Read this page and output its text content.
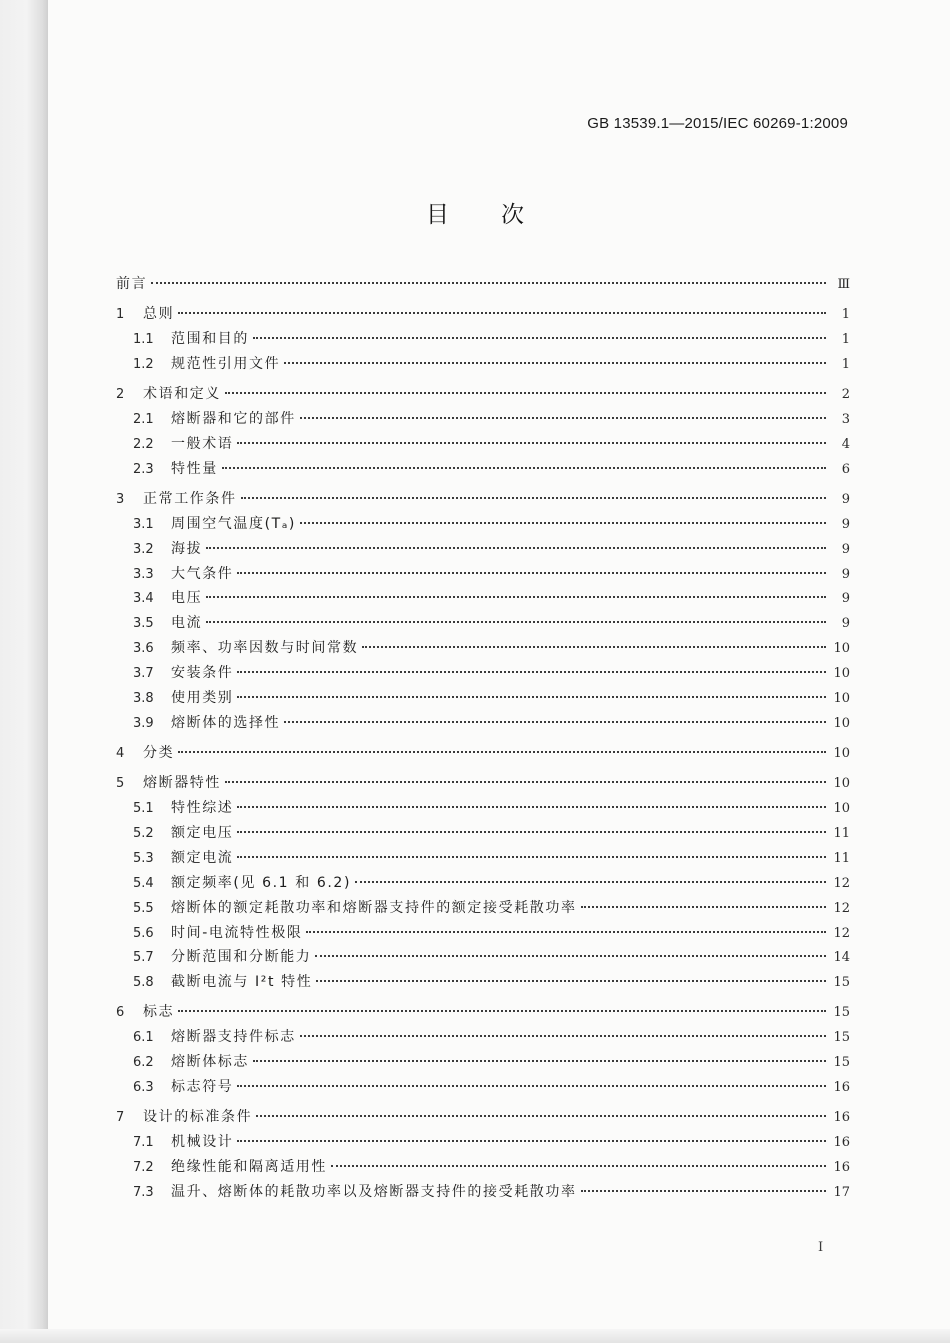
GB 13539.1—2015/IEC 60269-1:2009
目次
前言	Ⅲ
1	总则	1
1.1	范围和目的	1
1.2	规范性引用文件	1
2	术语和定义	2
2.1	熔断器和它的部件	3
2.2	一般术语	4
2.3	特性量	6
3	正常工作条件	9
3.1	周围空气温度(Tₐ)	9
3.2	海拔	9
3.3	大气条件	9
3.4	电压	9
3.5	电流	9
3.6	频率、功率因数与时间常数	10
3.7	安装条件	10
3.8	使用类别	10
3.9	熔断体的选择性	10
4	分类	10
5	熔断器特性	10
5.1	特性综述	10
5.2	额定电压	11
5.3	额定电流	11
5.4	额定频率(见 6.1 和 6.2)	12
5.5	熔断体的额定耗散功率和熔断器支持件的额定接受耗散功率	12
5.6	时间-电流特性极限	12
5.7	分断范围和分断能力	14
5.8	截断电流与 I²t 特性	15
6	标志	15
6.1	熔断器支持件标志	15
6.2	熔断体标志	15
6.3	标志符号	16
7	设计的标准条件	16
7.1	机械设计	16
7.2	绝缘性能和隔离适用性	16
7.3	温升、熔断体的耗散功率以及熔断器支持件的接受耗散功率	17
I
